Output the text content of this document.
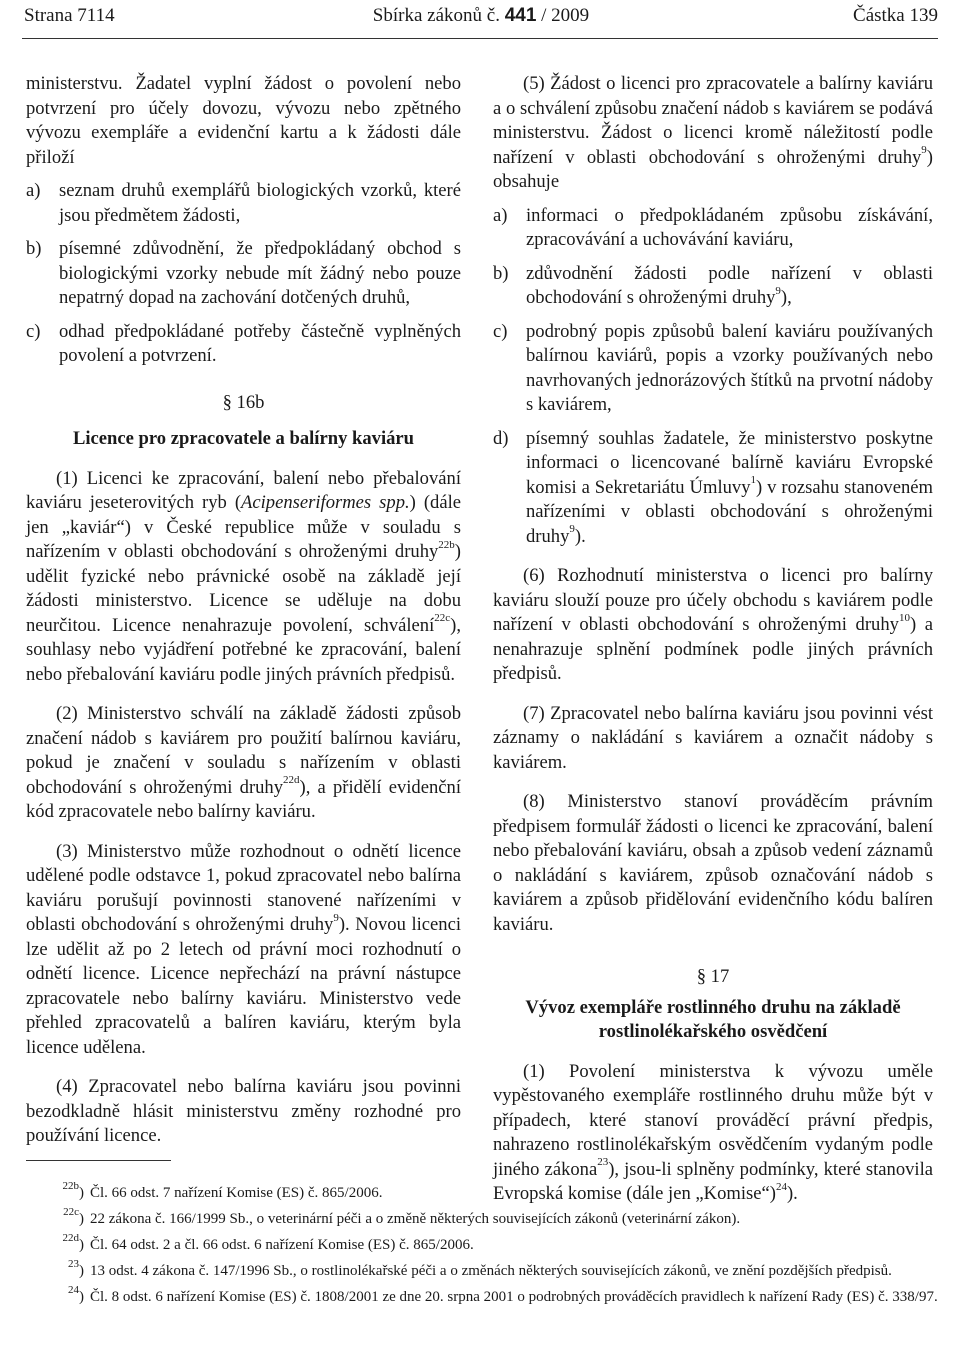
Strana 7114	Sbírka zákonů č. 441 / 2009	Částka 139

ministerstvu. Žadatel vyplní žádost o povolení nebo potvrzení pro účely dovozu, vývozu nebo zpětného vývozu exempláře a evidenční kartu a k žádosti dále přiloží

a) seznam druhů exemplářů biologických vzorků, které jsou předmětem žádosti,
b) písemné zdůvodnění, že předpokládaný obchod s biologickými vzorky nebude mít žádný nebo pouze nepatrný dopad na zachování dotčených druhů,
c) odhad předpokládané potřeby částečně vyplněných povolení a potvrzení.
§ 16b
Licence pro zpracovatele a balírny kaviáru

(1) Licenci ke zpracování, balení nebo přebalování kaviáru jeseterovitých ryb (Acipenseriformes spp.) (dále jen „kaviár“) v České republice může v souladu s nařízením v oblasti obchodování s ohroženými druhy$^{22b}$) udělit fyzické nebo právnické osobě na základě její žádosti ministerstvo. Licence se uděluje na dobu neurčitou. Licence nenahrazuje povolení, schválení$^{22c}$), souhlasy nebo vyjádření potřebné ke zpracování, balení nebo přebalování kaviáru podle jiných právních předpisů.

(2) Ministerstvo schválí na základě žádosti způsob značení nádob s kaviárem pro použití balírnou kaviáru, pokud je značení v souladu s nařízením v oblasti obchodování s ohroženými druhy$^{22d}$), a přidělí evidenční kód zpracovatele nebo balírny kaviáru.

(3) Ministerstvo může rozhodnout o odnětí licence udělené podle odstavce 1, pokud zpracovatel nebo balírna kaviáru porušují povinnosti stanovené nařízeními v oblasti obchodování s ohroženými druhy$^9$). Novou licenci lze udělit až po 2 letech od právní moci rozhodnutí o odnětí licence. Licence nepřechází na právní nástupce zpracovatele nebo balírny kaviáru. Ministerstvo vede přehled zpracovatelů a balíren kaviáru, kterým byla licence udělena.

(4) Zpracovatel nebo balírna kaviáru jsou povinni bezodkladně hlásit ministerstvu změny rozhodné pro používání licence.

(5) Žádost o licenci pro zpracovatele a balírny kaviáru a o schválení způsobu značení nádob s kaviárem se podává ministerstvu. Žádost o licenci kromě náležitostí podle nařízení v oblasti obchodování s ohroženými druhy$^9$) obsahuje

a) informaci o předpokládaném způsobu získávání, zpracovávání a uchovávání kaviáru,
b) zdůvodnění žádosti podle nařízení v oblasti obchodování s ohroženými druhy$^9$),
c) podrobný popis způsobů balení kaviáru používaných balírnou kaviárů, popis a vzorky používaných nebo navrhovaných jednorázových štítků na prvotní nádoby s kaviárem,
d) písemný souhlas žadatele, že ministerstvo poskytne informaci o licencované balírně kaviáru Evropské komisi a Sekretariátu Úmluvy$^1$) v rozsahu stanoveném nařízeními v oblasti obchodování s ohroženými druhy$^9$).

(6) Rozhodnutí ministerstva o licenci pro balírny kaviáru slouží pouze pro účely obchodu s kaviárem podle nařízení v oblasti obchodování s ohroženými druhy$^{10}$) a nenahrazuje splnění podmínek podle jiných právních předpisů.

(7) Zpracovatel nebo balírna kaviáru jsou povinni vést záznamy o nakládání s kaviárem a označit nádoby s kaviárem.

(8) Ministerstvo stanoví prováděcím právním předpisem formulář žádosti o licenci ke zpracování, balení nebo přebalování kaviáru, obsah a způsob vedení záznamů o nakládání s kaviárem, způsob označování nádob s kaviárem a způsob přidělování evidenčního kódu balíren kaviáru.

§ 17
Vývoz exempláře rostlinného druhu na základě
rostlinolékařského osvědčení

(1) Povolení ministerstva k vývozu uměle vypěstovaného exempláře rostlinného druhu může být v případech, které stanoví prováděcí právní předpis, nahrazeno rostlinolékařským osvědčením vydaným podle jiného zákona$^{23}$), jsou-li splněny podmínky, které stanovila Evropská komise (dále jen „Komise“)$^{24}$).

$^{22b}$) Čl. 66 odst. 7 nařízení Komise (ES) č. 865/2006.
$^{22c}$) 22 zákona č. 166/1999 Sb., o veterinární péči a o změně některých souvisejících zákonů (veterinární zákon).
$^{22d}$) Čl. 64 odst. 2 a čl. 66 odst. 6 nařízení Komise (ES) č. 865/2006.
$^{23}$) 13 odst. 4 zákona č. 147/1996 Sb., o rostlinolékařské péči a o změnách některých souvisejících zákonů, ve znění pozdějších předpisů.
$^{24}$) Čl. 8 odst. 6 nařízení Komise (ES) č. 1808/2001 ze dne 20. srpna 2001 o podrobných prováděcích pravidlech k nařízení Rady (ES) č. 338/97.
